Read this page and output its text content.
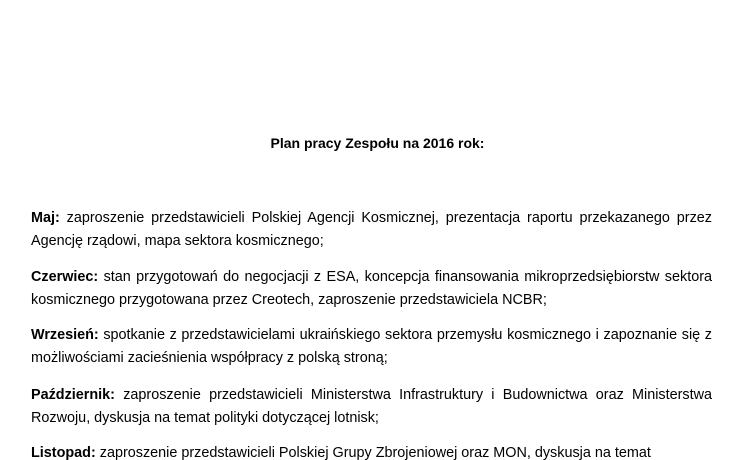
Plan pracy Zespołu na 2016 rok:

Maj: zaproszenie przedstawicieli Polskiej Agencji Kosmicznej, prezentacja raportu przekazanego przez Agencję rządowi, mapa sektora kosmicznego;

Czerwiec: stan przygotowań do negocjacji z ESA, koncepcja finansowania mikroprzedsiębiorstw sektora kosmicznego przygotowana przez Creotech, zaproszenie przedstawiciela NCBR;

Wrzesień: spotkanie z przedstawicielami ukraińskiego sektora przemysłu kosmicznego i zapoznanie się z możliwościami zacieśnienia współpracy z polską stroną;

Październik: zaproszenie przedstawicieli Ministerstwa Infrastruktury i Budownictwa oraz Ministerstwa Rozwoju, dyskusja na temat polityki dotyczącej lotnisk;

Listopad: zaproszenie przedstawicieli Polskiej Grupy Zbrojeniowej oraz MON, dyskusja na temat
